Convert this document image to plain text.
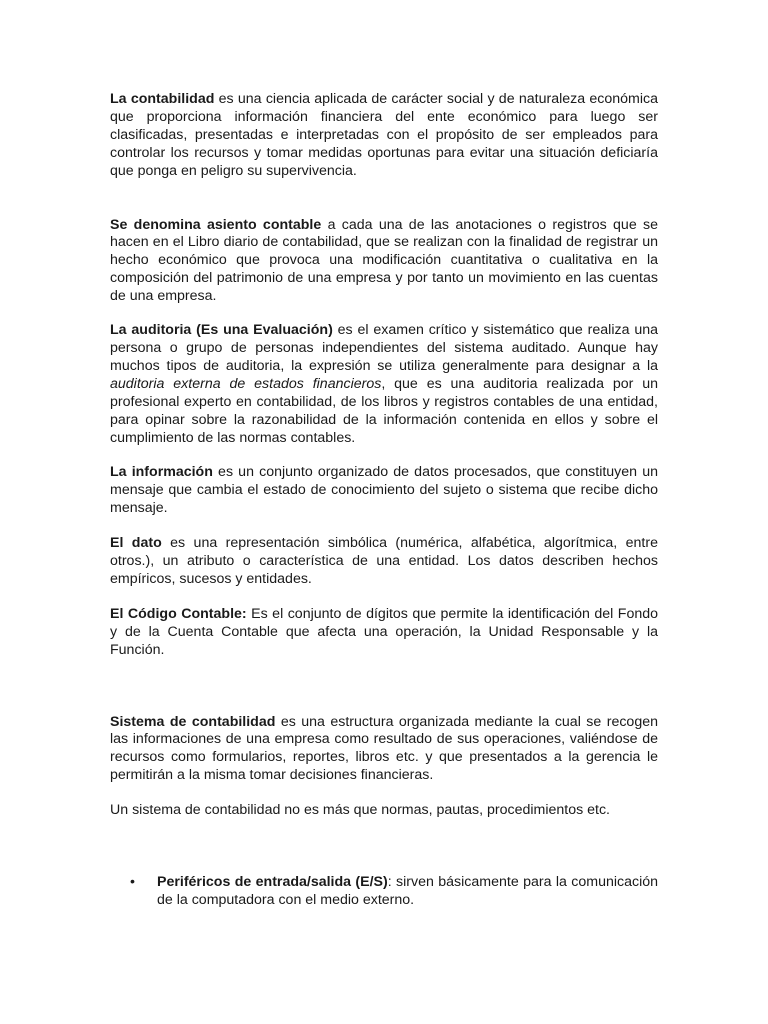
La contabilidad es una ciencia aplicada de carácter social y de naturaleza económica que proporciona información financiera del ente económico para luego ser clasificadas, presentadas e interpretadas con el propósito de ser empleados para controlar los recursos y tomar medidas oportunas para evitar una situación deficiaría que ponga en peligro su supervivencia.

Se denomina asiento contable a cada una de las anotaciones o registros que se hacen en el Libro diario de contabilidad, que se realizan con la finalidad de registrar un hecho económico que provoca una modificación cuantitativa o cualitativa en la composición del patrimonio de una empresa y por tanto un movimiento en las cuentas de una empresa.

La auditoria (Es una Evaluación) es el examen crítico y sistemático que realiza una persona o grupo de personas independientes del sistema auditado. Aunque hay muchos tipos de auditoria, la expresión se utiliza generalmente para designar a la auditoria externa de estados financieros, que es una auditoria realizada por un profesional experto en contabilidad, de los libros y registros contables de una entidad, para opinar sobre la razonabilidad de la información contenida en ellos y sobre el cumplimiento de las normas contables.

La información es un conjunto organizado de datos procesados, que constituyen un mensaje que cambia el estado de conocimiento del sujeto o sistema que recibe dicho mensaje.

El dato es una representación simbólica (numérica, alfabética, algorítmica, entre otros.), un atributo o característica de una entidad. Los datos describen hechos empíricos, sucesos y entidades.

El Código Contable: Es el conjunto de dígitos que permite la identificación del Fondo y de la Cuenta Contable que afecta una operación, la Unidad Responsable y la Función.

Sistema de contabilidad es una estructura organizada mediante la cual se recogen las informaciones de una empresa como resultado de sus operaciones, valiéndose de recursos como formularios, reportes, libros etc. y que presentados a la gerencia le permitirán a la misma tomar decisiones financieras.

Un sistema de contabilidad no es más que normas, pautas, procedimientos etc.

• Periféricos de entrada/salida (E/S): sirven básicamente para la comunicación de la computadora con el medio externo.
